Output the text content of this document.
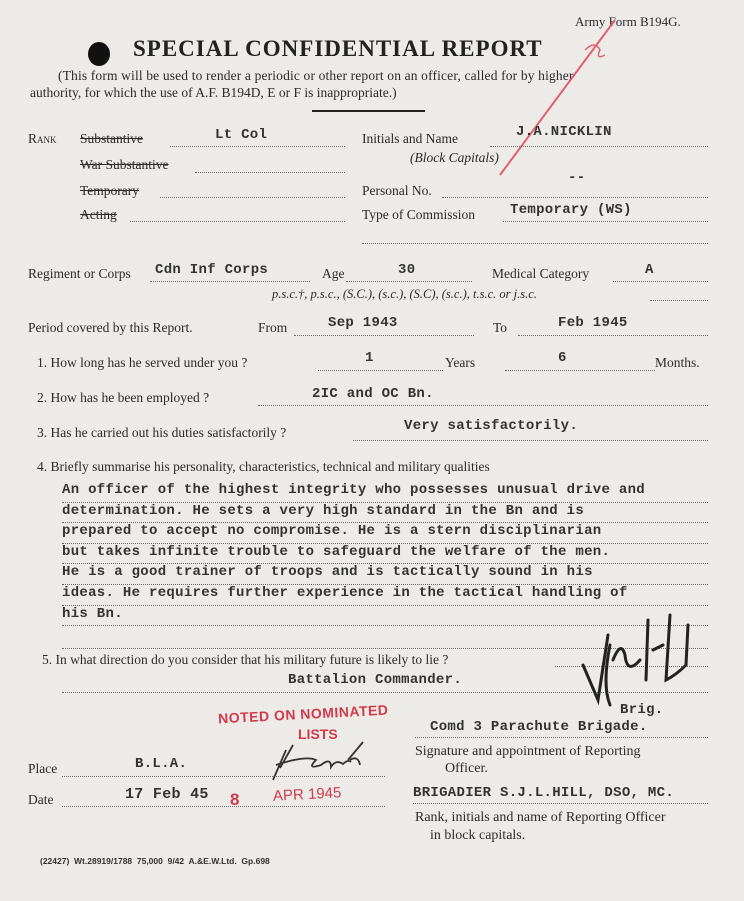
Army Form B194G.
SPECIAL CONFIDENTIAL REPORT
(This form will be used to render a periodic or other report on an officer, called for by higher
authority, for which the use of A.F. B194D, E or F is inappropriate.)
Rank Substantive	Lt Col
War Substantive
Temporary
Acting
Initials and Name	J.A.NICKLIN
(Block Capitals)
Personal No.
--
Type of Commission Temporary (WS)
Regiment or Corps Cdn Inf Corps	Age	30	Medical Category	A
p.s.c.†, p.s.c., (S.C.), (s.c.), (S.C), (s.c.), t.s.c. or j.s.c.
Period covered by this Report.	From	Sep 1943	To	Feb 1945
1. How long has he served under you ?	1	Years	6	Months.
2. How has he been employed ?	2IC and OC Bn.
3. Has he carried out his duties satisfactorily ?	Very satisfactorily.
4. Briefly summarise his personality, characteristics, technical and military qualities
An officer of the highest integrity who possesses unusual drive and
determination. He sets a very high standard in the Bn and is
prepared to accept no compromise. He is a stern disciplinarian
but takes infinite trouble to safeguard the welfare of the men.
He is a good trainer of troops and is tactically sound in his
ideas. He requires further experience in the tactical handling of
his Bn.
5. In what direction do you consider that his military future is likely to lie ?
Battalion Commander.
Brig.
Comd 3 Parachute Brigade.
Signature and appointment of Reporting
Officer.
BRIGADIER S.J.L.HILL, DSO, MC.
Rank, initials and name of Reporting Officer
in block capitals.
Place	B.L.A.
Date	17 Feb 45
NOTED ON NOMINATED
LISTS
8 APR 1945
(22427)  Wt.28919/1788  75,000  9/42  A.&E.W.Ltd.  Gp.698
